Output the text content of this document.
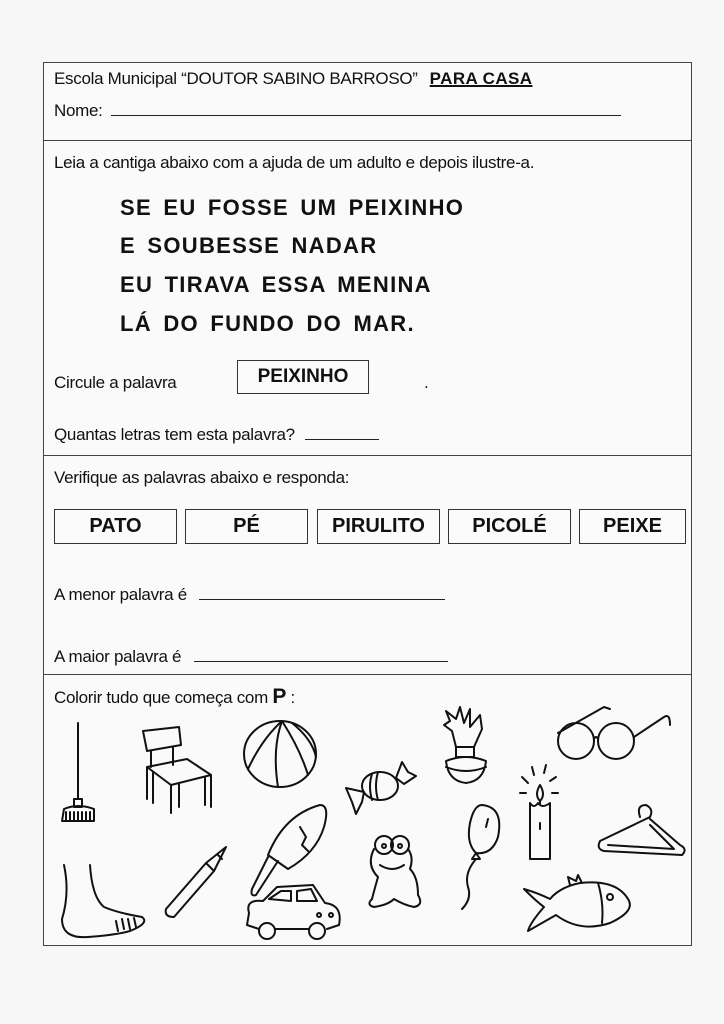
Escola Municipal “DOUTOR SABINO BARROSO” PARA CASA
Nome:
Leia a cantiga abaixo com a ajuda de um adulto e depois ilustre-a.
SE EU FOSSE UM PEIXINHO
E SOUBESSE NADAR
EU TIRAVA ESSA MENINA
LÁ DO FUNDO DO MAR.
Circule a palavra	PEIXINHO	.
Quantas letras tem esta palavra?
Verifique as palavras abaixo e responda:
PATO	PÉ	PIRULITO	PICOLÉ	PEIXE
A menor palavra é
A maior palavra é
Colorir tudo que começa com P :
